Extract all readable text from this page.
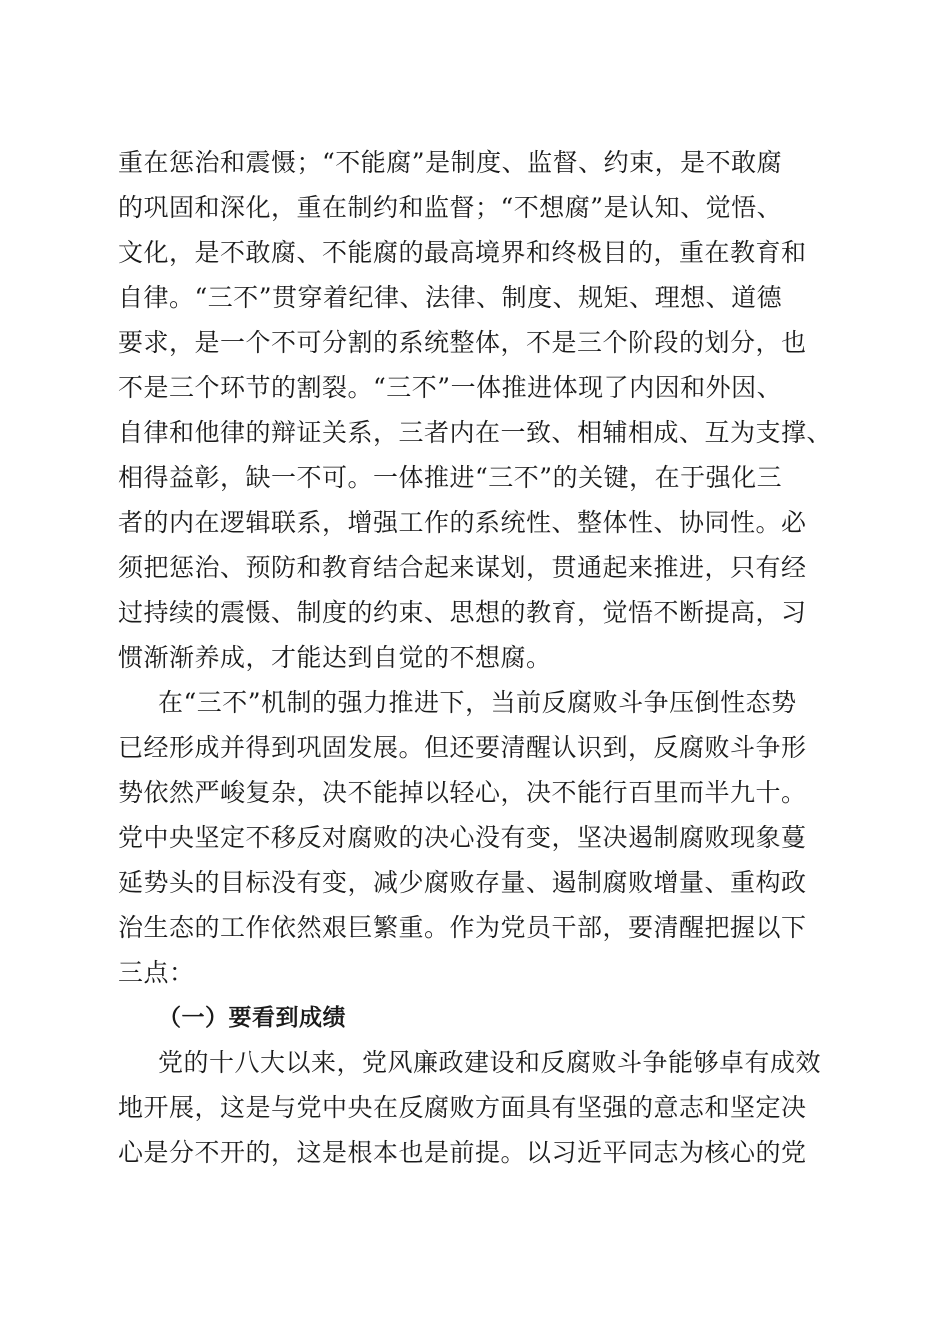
重在惩治和震慑；“不能腐”是制度、监督、约束，是不敢腐
的巩固和深化，重在制约和监督；“不想腐”是认知、觉悟、
文化，是不敢腐、不能腐的最高境界和终极目的，重在教育和
自律。“三不”贯穿着纪律、法律、制度、规矩、理想、道德
要求，是一个不可分割的系统整体，不是三个阶段的划分，也
不是三个环节的割裂。“三不”一体推进体现了内因和外因、
自律和他律的辩证关系，三者内在一致、相辅相成、互为支撑、
相得益彰，缺一不可。一体推进“三不”的关键，在于强化三
者的内在逻辑联系，增强工作的系统性、整体性、协同性。必
须把惩治、预防和教育结合起来谋划，贯通起来推进，只有经
过持续的震慑、制度的约束、思想的教育，觉悟不断提高，习
惯渐渐养成，才能达到自觉的不想腐。
在“三不”机制的强力推进下，当前反腐败斗争压倒性态势
已经形成并得到巩固发展。但还要清醒认识到，反腐败斗争形
势依然严峻复杂，决不能掉以轻心，决不能行百里而半九十。
党中央坚定不移反对腐败的决心没有变，坚决遏制腐败现象蔓
延势头的目标没有变，减少腐败存量、遏制腐败增量、重构政
治生态的工作依然艰巨繁重。作为党员干部，要清醒把握以下
三点：
（一）要看到成绩
党的十八大以来，党风廉政建设和反腐败斗争能够卓有成效
地开展，这是与党中央在反腐败方面具有坚强的意志和坚定决
心是分不开的，这是根本也是前提。以习近平同志为核心的党
